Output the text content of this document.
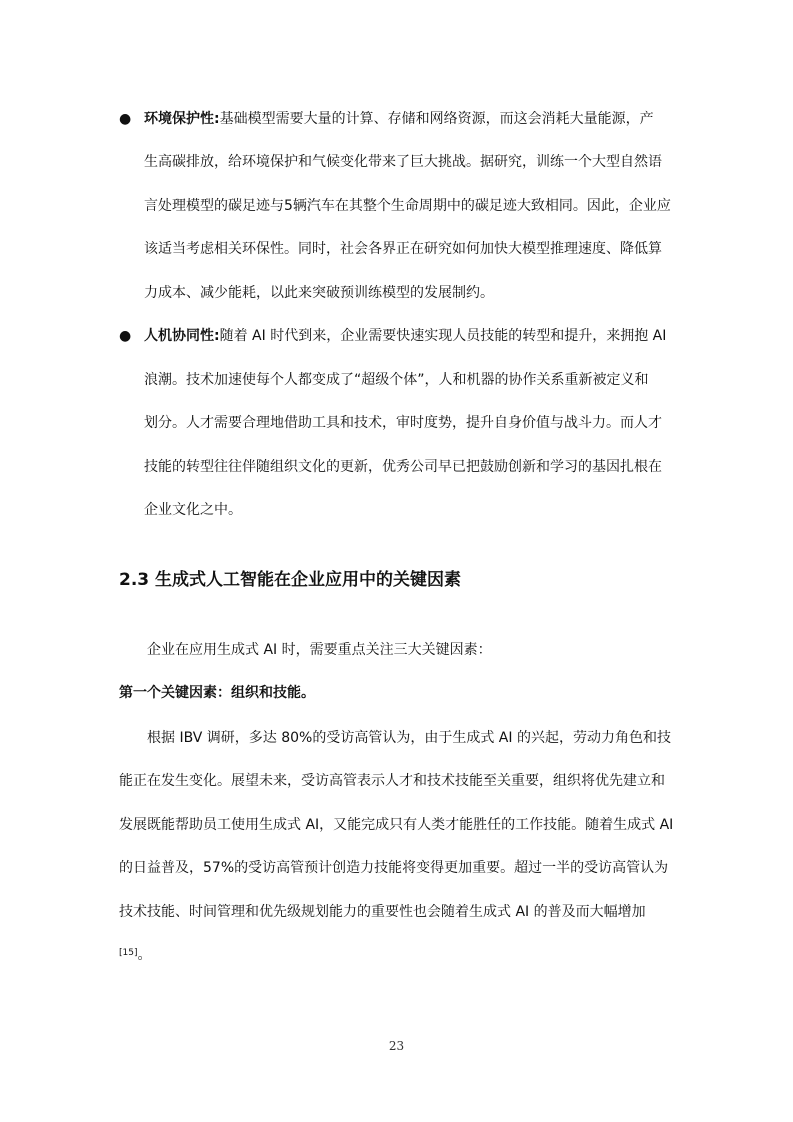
● 环境保护性:基础模型需要大量的计算、存储和网络资源，而这会消耗大量能源，产
生高碳排放，给环境保护和气候变化带来了巨大挑战。据研究，训练一个大型自然语
言处理模型的碳足迹与5辆汽车在其整个生命周期中的碳足迹大致相同。因此，企业应
该适当考虑相关环保性。同时，社会各界正在研究如何加快大模型推理速度、降低算
力成本、减少能耗，以此来突破预训练模型的发展制约。
● 人机协同性:随着 AI 时代到来，企业需要快速实现人员技能的转型和提升，来拥抱 AI
浪潮。技术加速使每个人都变成了“超级个体”，人和机器的协作关系重新被定义和
划分。人才需要合理地借助工具和技术，审时度势，提升自身价值与战斗力。而人才
技能的转型往往伴随组织文化的更新，优秀公司早已把鼓励创新和学习的基因扎根在
企业文化之中。
2.3 生成式人工智能在企业应用中的关键因素
企业在应用生成式 AI 时，需要重点关注三大关键因素：
第一个关键因素：组织和技能。
根据 IBV 调研，多达 80%的受访高管认为，由于生成式 AI 的兴起，劳动力角色和技
能正在发生变化。展望未来，受访高管表示人才和技术技能至关重要，组织将优先建立和
发展既能帮助员工使用生成式 AI，又能完成只有人类才能胜任的工作技能。随着生成式 AI
的日益普及，57%的受访高管预计创造力技能将变得更加重要。超过一半的受访高管认为
技术技能、时间管理和优先级规划能力的重要性也会随着生成式 AI 的普及而大幅增加
[15]。
23
